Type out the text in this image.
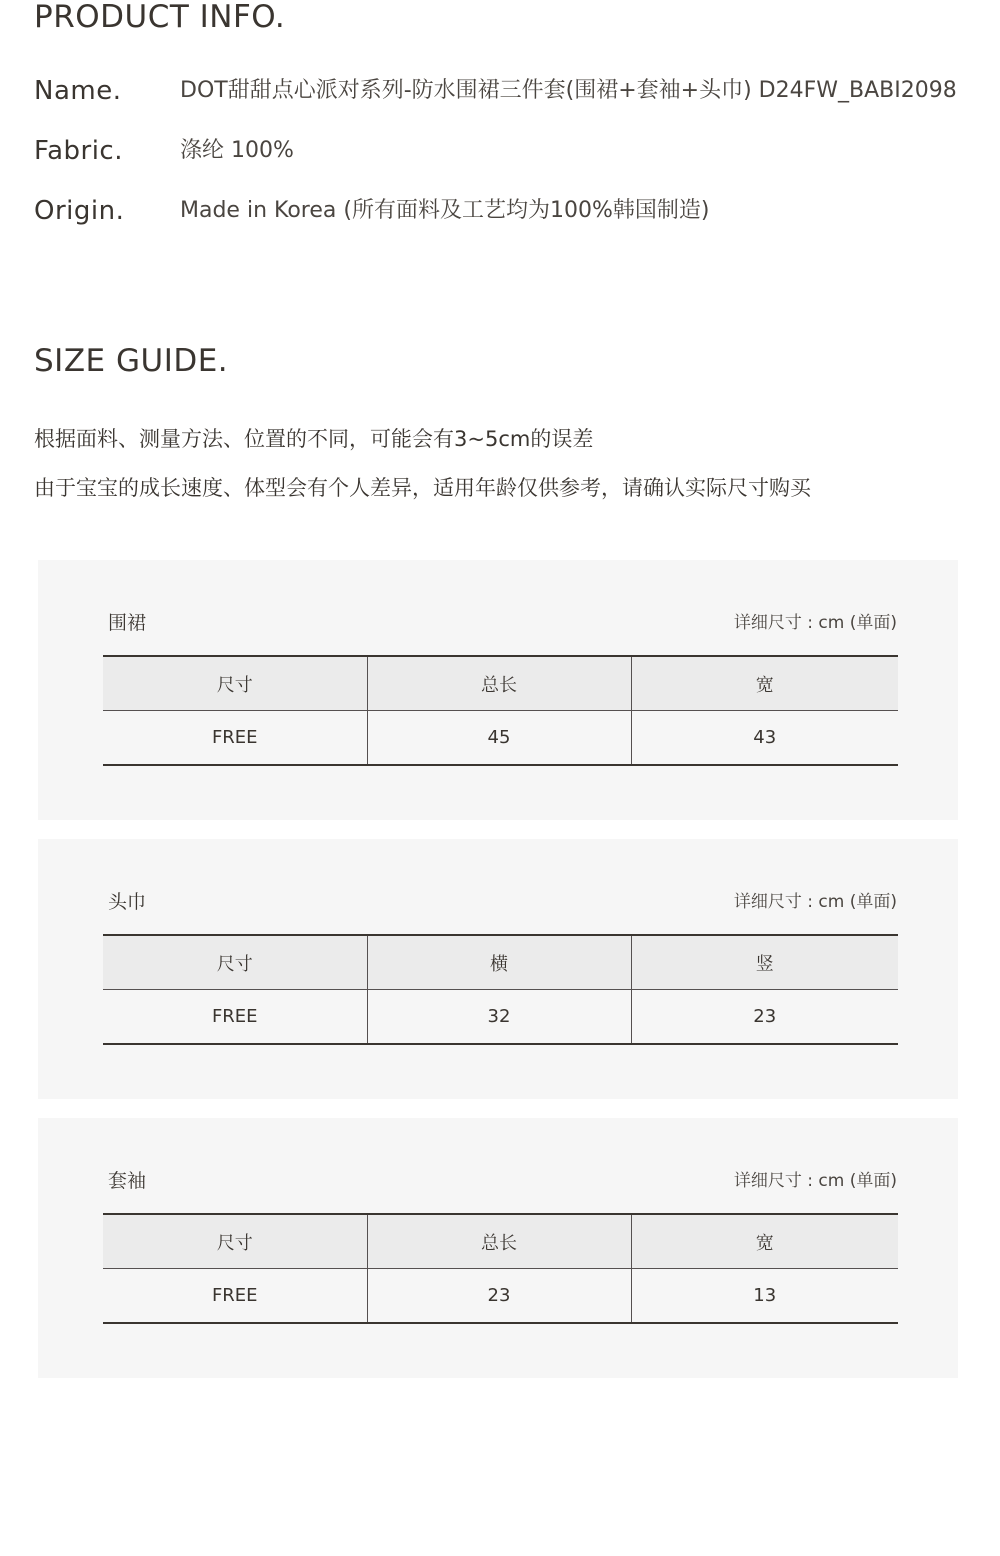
PRODUCT INFO.
Name.	DOT甜甜点心派对系列-防水围裙三件套(围裙+套袖+头巾) D24FW_BABI2098
Fabric.	涤纶 100%
Origin.	Made in Korea (所有面料及工艺均为100%韩国制造)
SIZE GUIDE.

根据面料、测量方法、位置的不同，可能会有3~5cm的误差

由于宝宝的成长速度、体型会有个人差异，适用年龄仅供参考，请确认实际尺寸购买

围裙	详细尺寸 : cm (单面)
尺寸	总长	宽
FREE	45	43
头巾	详细尺寸 : cm (单面)
尺寸	横	竖
FREE	32	23
套袖	详细尺寸 : cm (单面)
尺寸	总长	宽
FREE	23	13
